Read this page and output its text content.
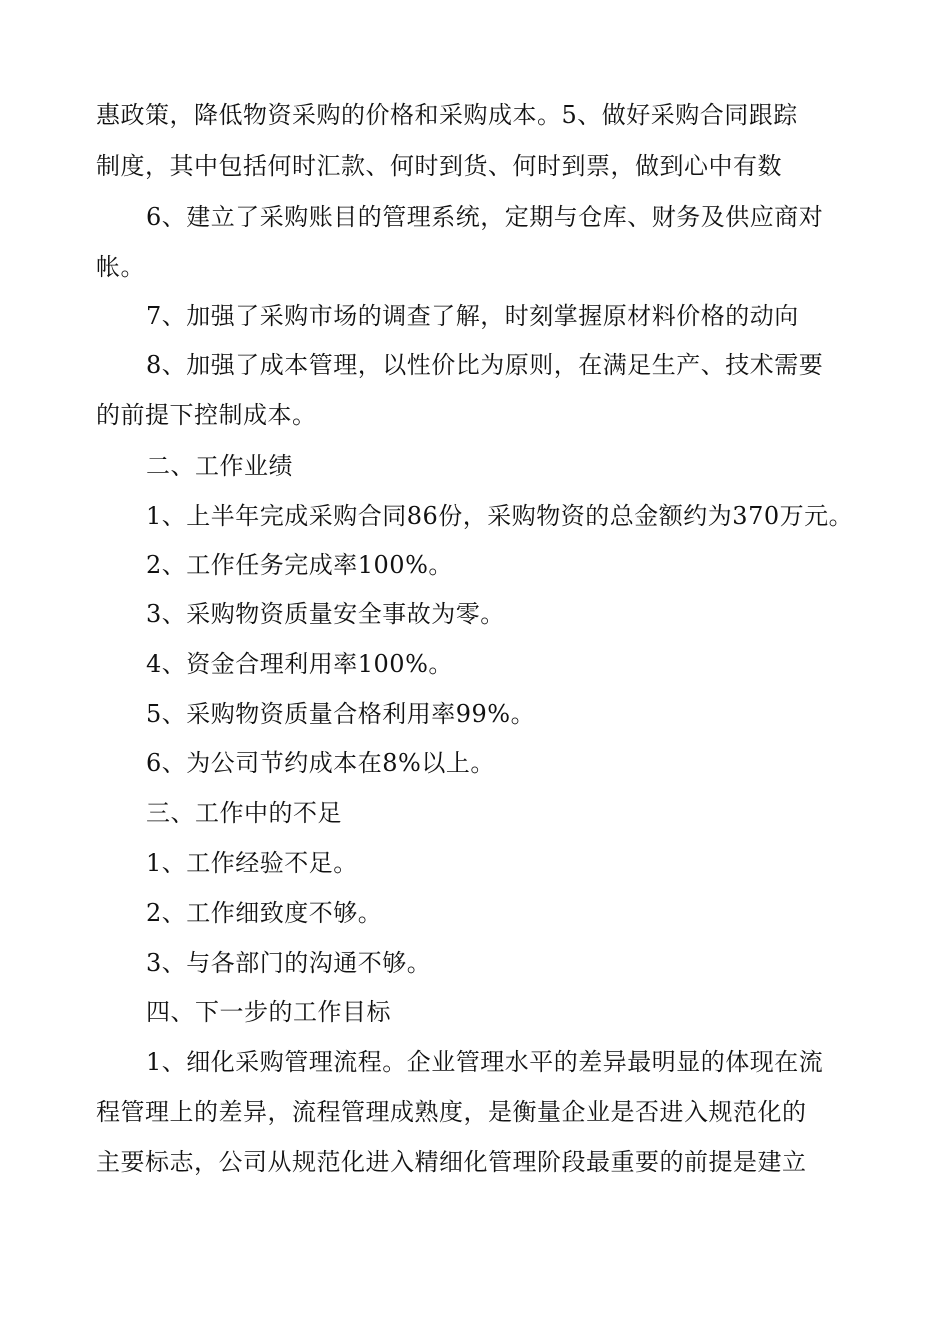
惠政策，降低物资采购的价格和采购成本。5、做好采购合同跟踪
制度，其中包括何时汇款、何时到货、何时到票，做到心中有数
6、建立了采购账目的管理系统，定期与仓库、财务及供应商对
帐。
7、加强了采购市场的调查了解，时刻掌握原材料价格的动向
8、加强了成本管理，以性价比为原则，在满足生产、技术需要
的前提下控制成本。
二、工作业绩
1、上半年完成采购合同86份，采购物资的总金额约为370万元。
2、工作任务完成率100%。
3、采购物资质量安全事故为零。
4、资金合理利用率100%。
5、采购物资质量合格利用率99%。
6、为公司节约成本在8%以上。
三、工作中的不足
1、工作经验不足。
2、工作细致度不够。
3、与各部门的沟通不够。
四、下一步的工作目标
1、细化采购管理流程。企业管理水平的差异最明显的体现在流
程管理上的差异，流程管理成熟度，是衡量企业是否进入规范化的
主要标志，公司从规范化进入精细化管理阶段最重要的前提是建立
